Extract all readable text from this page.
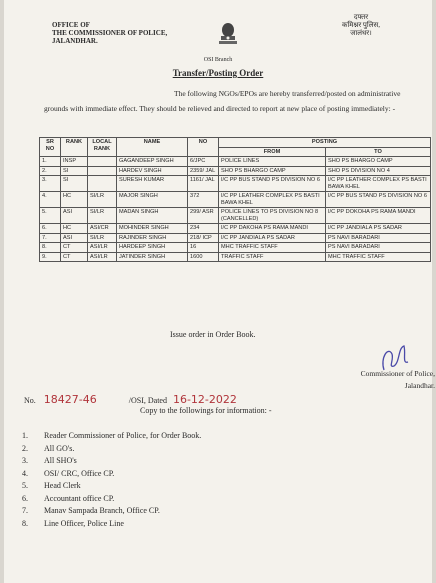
OFFICE OF
THE COMMISSIONER OF POLICE,
JALANDHAR.
दफ्तर
कमिश्नर पुलिस,
जालंधर।
OSI Branch
Transfer/Posting Order
The following NGOs/EPOs are hereby transferred/posted on administrative grounds with immediate effect. They should be relieved and directed to report at new place of posting immediately: -
SR NO	RANK	LOCAL RANK	NAME	NO	POSTING	
					FROM	TO
1.	INSP		GAGANDEEP SINGH	6/JPC	POLICE LINES	SHO PS BHARGO CAMP
2.	SI		HARDEV SINGH	2359/ JAL	SHO PS BHARGO CAMP	SHO PS DIVISION NO 4
3.	SI		SURESH KUMAR	1161/ JAL	I/C PP BUS STAND PS DIVISION NO 6	I/C PP LEATHER COMPLEX PS BASTI BAWA KHEL
4.	HC	SI/LR	MAJOR SINGH	372	I/C PP LEATHER COMPLEX PS BASTI BAWA KHEL	I/C PP BUS STAND PS DIVISION NO 6
5.	ASI	SI/LR	MADAN SINGH	299/ ASR	POLICE LINES TO PS DIVISION NO 8 (CANCELLED)	I/C PP DOKOHA PS RAMA MANDI
6.	HC	ASI/CR	MOHINDER SINGH	234	I/C PP DAKOHA PS RAMA MANDI	I/C PP JANDIALA PS SADAR
7.	ASI	SI/LR	RAJINDER SINGH	218/ ICP	I/C PP JANDIALA PS SADAR	PS NAVI BARADARI
8.	CT	ASI/LR	HARDEEP SINGH	16	MHC TRAFFIC STAFF	PS NAVI BARADARI
9.	CT	ASI/LR	JATINDER SINGH	1600	TRAFFIC STAFF	MHC TRAFFIC STAFF
Issue order in Order Book.
Commissioner of Police,
Jalandhar.
No. 18427-46	/OSI, Dated 16-12-2022
Copy to the followings for information: -
1.	Reader Commissioner of Police, for Order Book.
2.	All GO's.
3.	All SHO's
4.	OSI/ CRC, Office CP.
5.	Head Clerk
6.	Accountant office CP.
7.	Manav Sampada Branch, Office CP.
8.	Line Officer, Police Line
